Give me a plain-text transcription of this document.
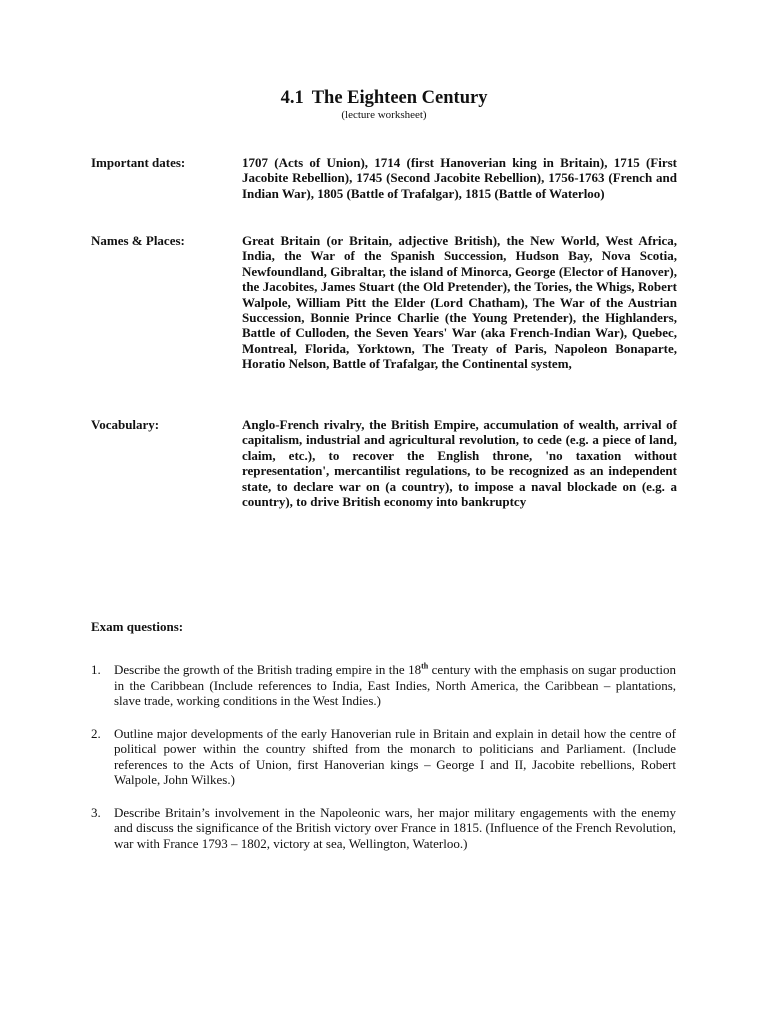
4.1 The Eighteen Century
(lecture worksheet)
Important dates:	1707 (Acts of Union), 1714 (first Hanoverian king in Britain), 1715 (First Jacobite Rebellion), 1745 (Second Jacobite Rebellion), 1756-1763 (French and Indian War), 1805 (Battle of Trafalgar), 1815 (Battle of Waterloo)
Names & Places:	Great Britain (or Britain, adjective British), the New World, West Africa, India, the War of the Spanish Succession, Hudson Bay, Nova Scotia, Newfoundland, Gibraltar, the island of Minorca, George (Elector of Hanover), the Jacobites, James Stuart (the Old Pretender), the Tories, the Whigs, Robert Walpole, William Pitt the Elder (Lord Chatham), The War of the Austrian Succession, Bonnie Prince Charlie (the Young Pretender), the Highlanders, Battle of Culloden, the Seven Years' War (aka French-Indian War), Quebec, Montreal, Florida, Yorktown, The Treaty of Paris, Napoleon Bonaparte, Horatio Nelson, Battle of Trafalgar, the Continental system,
Vocabulary:	Anglo-French rivalry, the British Empire, accumulation of wealth, arrival of capitalism, industrial and agricultural revolution, to cede (e.g. a piece of land, claim, etc.), to recover the English throne, 'no taxation without representation', mercantilist regulations, to be recognized as an independent state, to declare war on (a country), to impose a naval blockade on (e.g. a country), to drive British economy into bankruptcy
Exam questions:
1. Describe the growth of the British trading empire in the 18th century with the emphasis on sugar production in the Caribbean (Include references to India, East Indies, North America, the Caribbean – plantations, slave trade, working conditions in the West Indies.)
2. Outline major developments of the early Hanoverian rule in Britain and explain in detail how the centre of political power within the country shifted from the monarch to politicians and Parliament. (Include references to the Acts of Union, first Hanoverian kings – George I and II, Jacobite rebellions, Robert Walpole, John Wilkes.)
3. Describe Britain’s involvement in the Napoleonic wars, her major military engagements with the enemy and discuss the significance of the British victory over France in 1815. (Influence of the French Revolution, war with France 1793 – 1802, victory at sea, Wellington, Waterloo.)
